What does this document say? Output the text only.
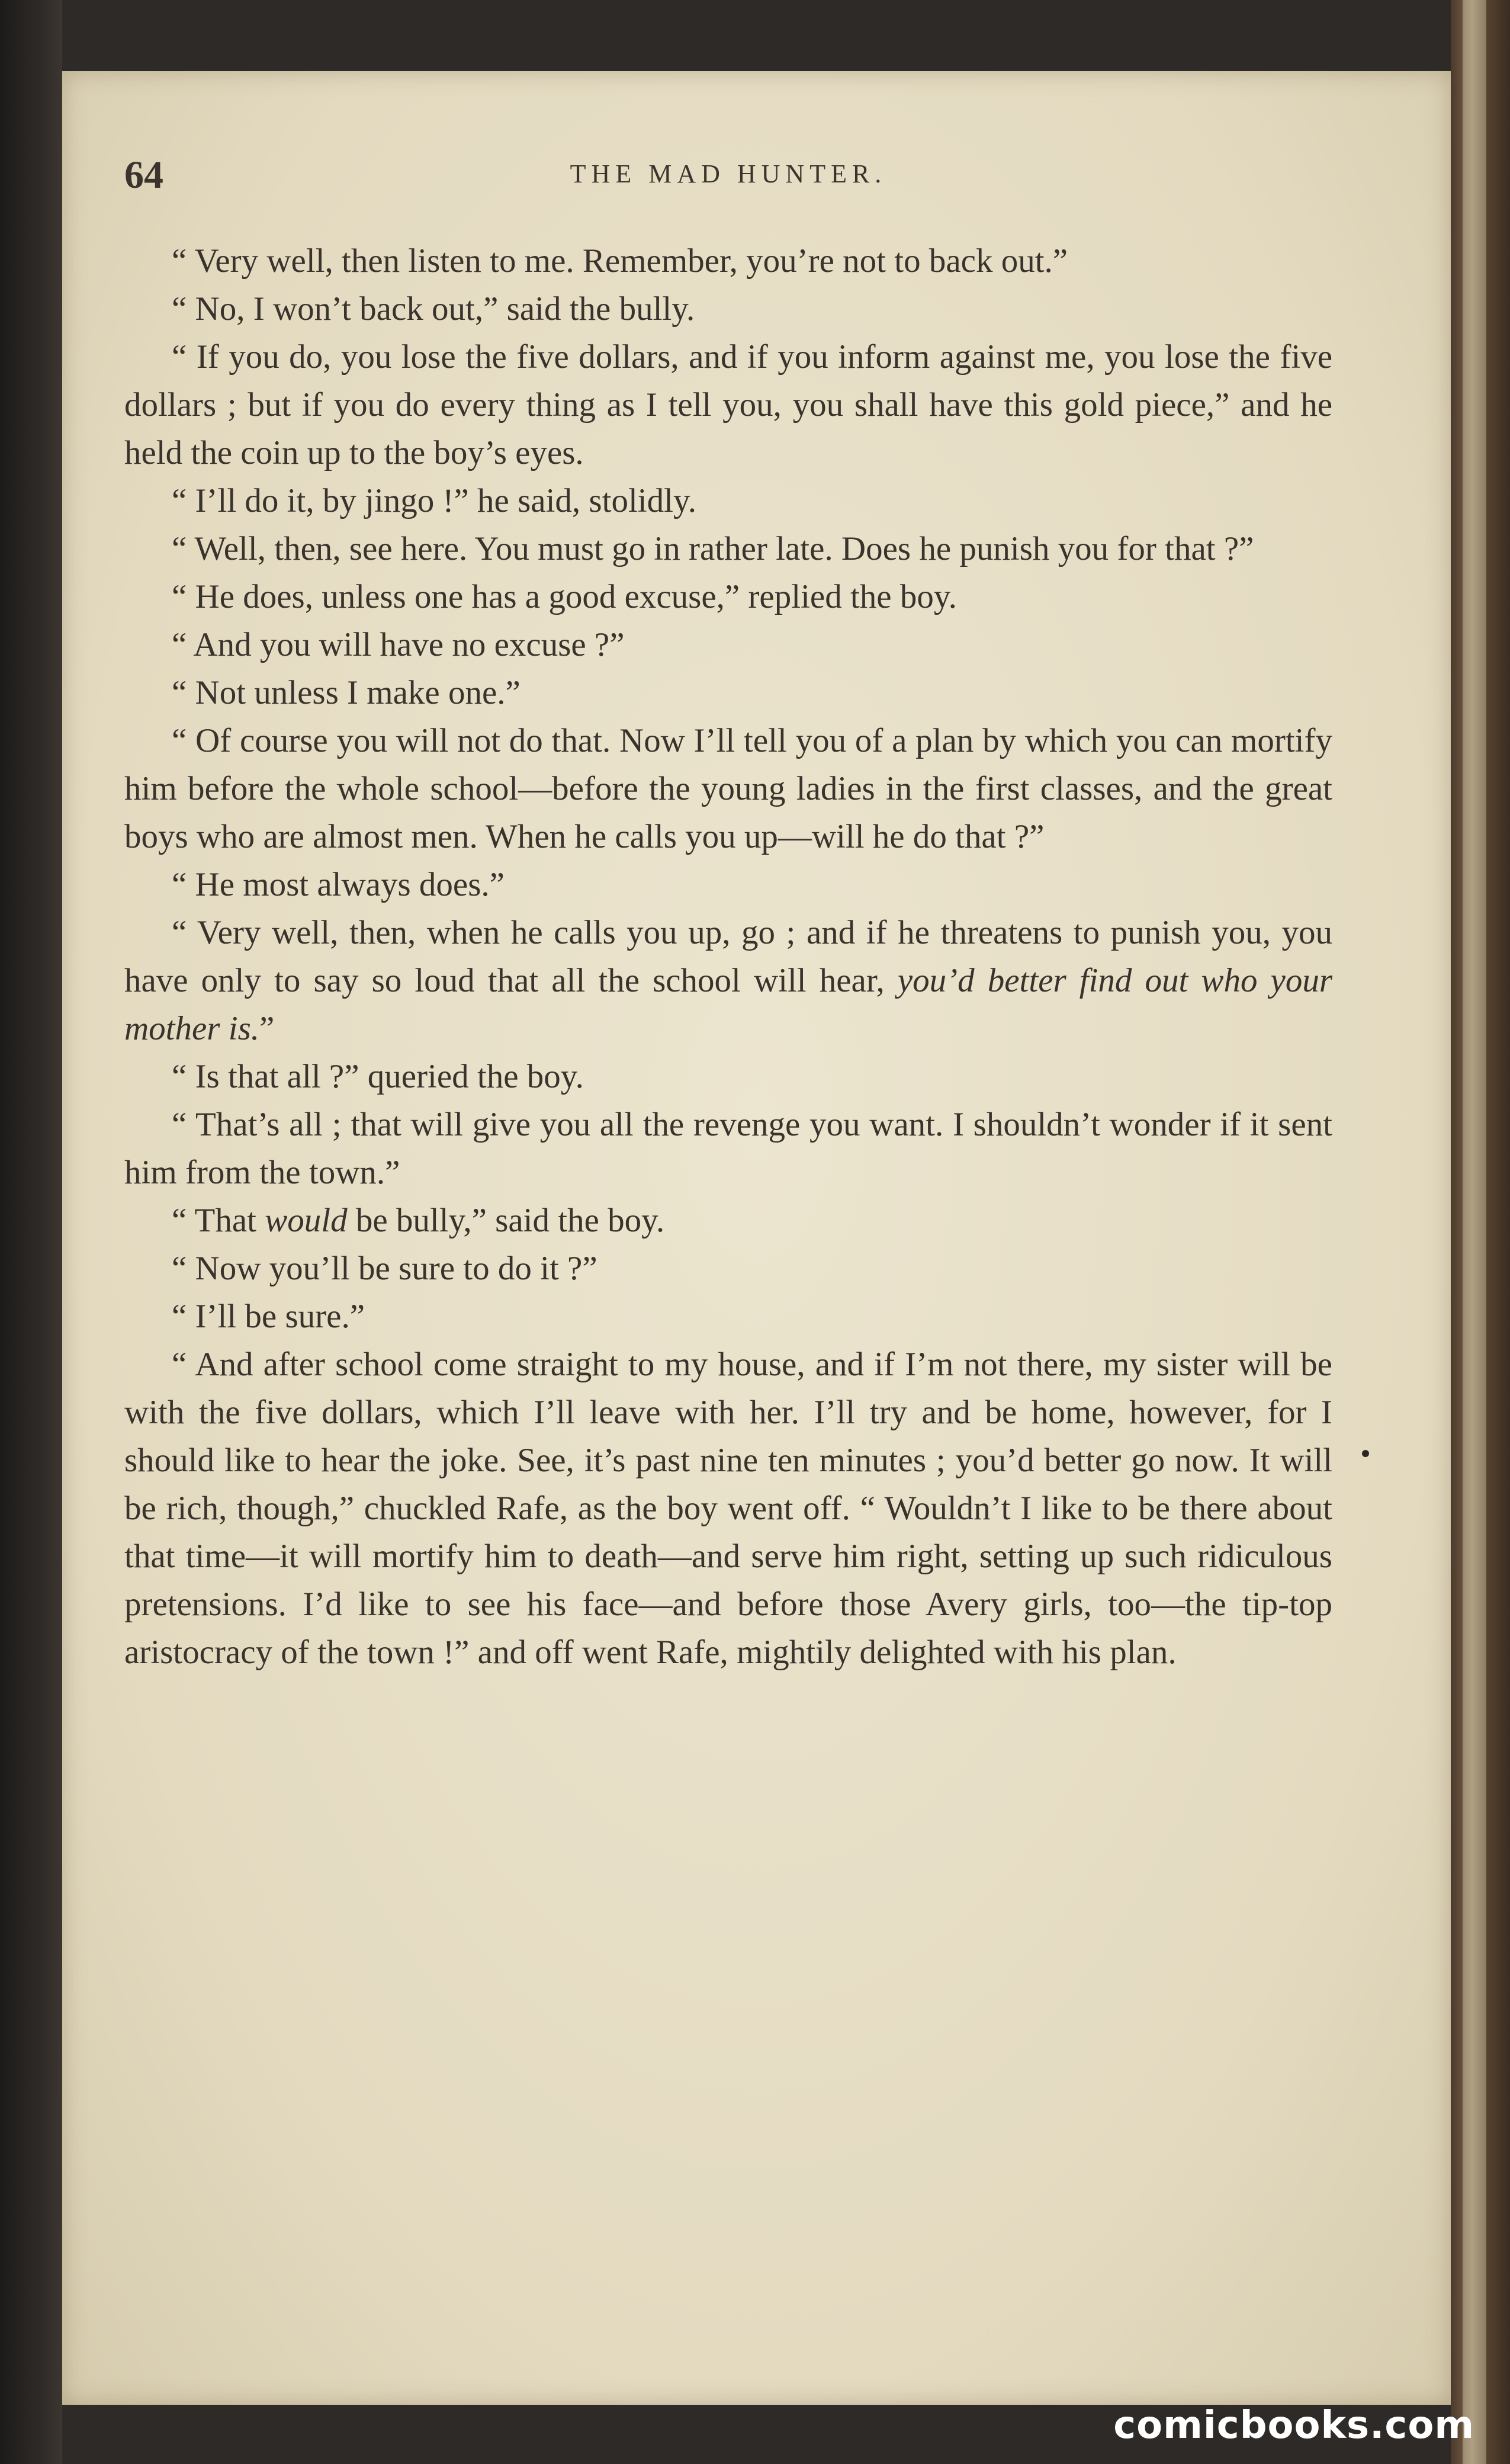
64	THE MAD HUNTER.

“ Very well, then listen to me. Remember, you’re not to back out.”

“ No, I won’t back out,” said the bully.

“ If you do, you lose the five dollars, and if you inform against me, you lose the five dollars ; but if you do every thing as I tell you, you shall have this gold piece,” and he held the coin up to the boy’s eyes.

“ I’ll do it, by jingo !” he said, stolidly.

“ Well, then, see here. You must go in rather late. Does he punish you for that ?”

“ He does, unless one has a good excuse,” replied the boy.

“ And you will have no excuse ?”

“ Not unless I make one.”

“ Of course you will not do that. Now I’ll tell you of a plan by which you can mortify him before the whole school—before the young ladies in the first classes, and the great boys who are almost men. When he calls you up—will he do that ?”

“ He most always does.”

“ Very well, then, when he calls you up, go ; and if he threatens to punish you, you have only to say so loud that all the school will hear, you’d better find out who your mother is.”

“ Is that all ?” queried the boy.

“ That’s all ; that will give you all the revenge you want. I shouldn’t wonder if it sent him from the town.”

“ That would be bully,” said the boy.

“ Now you’ll be sure to do it ?”

“ I’ll be sure.”

“ And after school come straight to my house, and if I’m not there, my sister will be with the five dollars, which I’ll leave with her. I’ll try and be home, however, for I should like to hear the joke. See, it’s past nine ten minutes ; you’d better go now. It will be rich, though,” chuckled Rafe, as the boy went off. “ Wouldn’t I like to be there about that time—it will mortify him to death—and serve him right, setting up such ridiculous pretensions. I’d like to see his face—and before those Avery girls, too—the tip-top aristocracy of the town !” and off went Rafe, mightily delighted with his plan.

comicbooks.com
